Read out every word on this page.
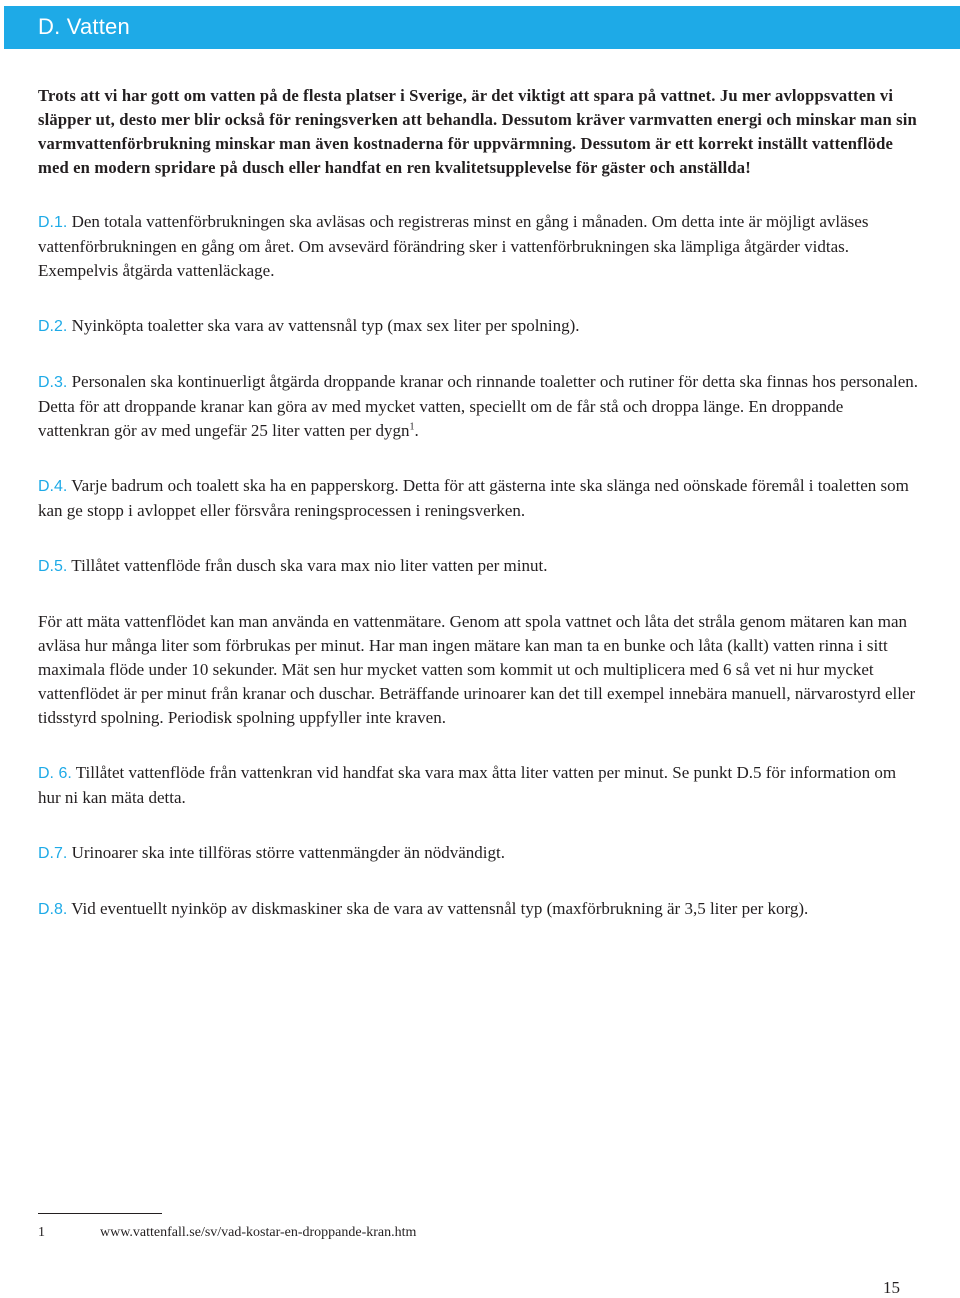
D. Vatten

Trots att vi har gott om vatten på de flesta platser i Sverige, är det viktigt att spara på vattnet. Ju mer avloppsvatten vi släpper ut, desto mer blir också för reningsverken att behandla. Dessutom kräver varmvatten energi och minskar man sin varmvattenförbrukning minskar man även kostnaderna för uppvärmning. Dessutom är ett korrekt inställt vattenflöde med en modern spridare på dusch eller handfat en ren kvalitetsupplevelse för gäster och anställda!

D.1. Den totala vattenförbrukningen ska avläsas och registreras minst en gång i månaden. Om detta inte är möjligt avläses vattenförbrukningen en gång om året. Om avsevärd förändring sker i vattenförbrukningen ska lämpliga åtgärder vidtas. Exempelvis åtgärda vattenläckage.

D.2. Nyinköpta toaletter ska vara av vattensnål typ (max sex liter per spolning).

D.3. Personalen ska kontinuerligt åtgärda droppande kranar och rinnande toaletter och rutiner för detta ska finnas hos personalen. Detta för att droppande kranar kan göra av med mycket vatten, speciellt om de får stå och droppa länge. En droppande vattenkran gör av med ungefär 25 liter vatten per dygn$^1$.

D.4. Varje badrum och toalett ska ha en papperskorg. Detta för att gästerna inte ska slänga ned oönskade föremål i toaletten som kan ge stopp i avloppet eller försvåra reningsprocessen i reningsverken.

D.5. Tillåtet vattenflöde från dusch ska vara max nio liter vatten per minut.

För att mäta vattenflödet kan man använda en vattenmätare. Genom att spola vattnet och låta det stråla genom mätaren kan man avläsa hur många liter som förbrukas per minut. Har man ingen mätare kan man ta en bunke och låta (kallt) vatten rinna i sitt maximala flöde under 10 sekunder. Mät sen hur mycket vatten som kommit ut och multiplicera med 6 så vet ni hur mycket vattenflödet är per minut från kranar och duschar. Beträffande urinoarer kan det till exempel innebära manuell, närvarostyrd eller tidsstyrd spolning. Periodisk spolning uppfyller inte kraven.

D. 6. Tillåtet vattenflöde från vattenkran vid handfat ska vara max åtta liter vatten per minut. Se punkt D.5 för information om hur ni kan mäta detta.

D.7. Urinoarer ska inte tillföras större vattenmängder än nödvändigt.

D.8. Vid eventuellt nyinköp av diskmaskiner ska de vara av vattensnål typ (maxförbrukning är 3,5 liter per korg).

1	www.vattenfall.se/sv/vad-kostar-en-droppande-kran.htm
15
